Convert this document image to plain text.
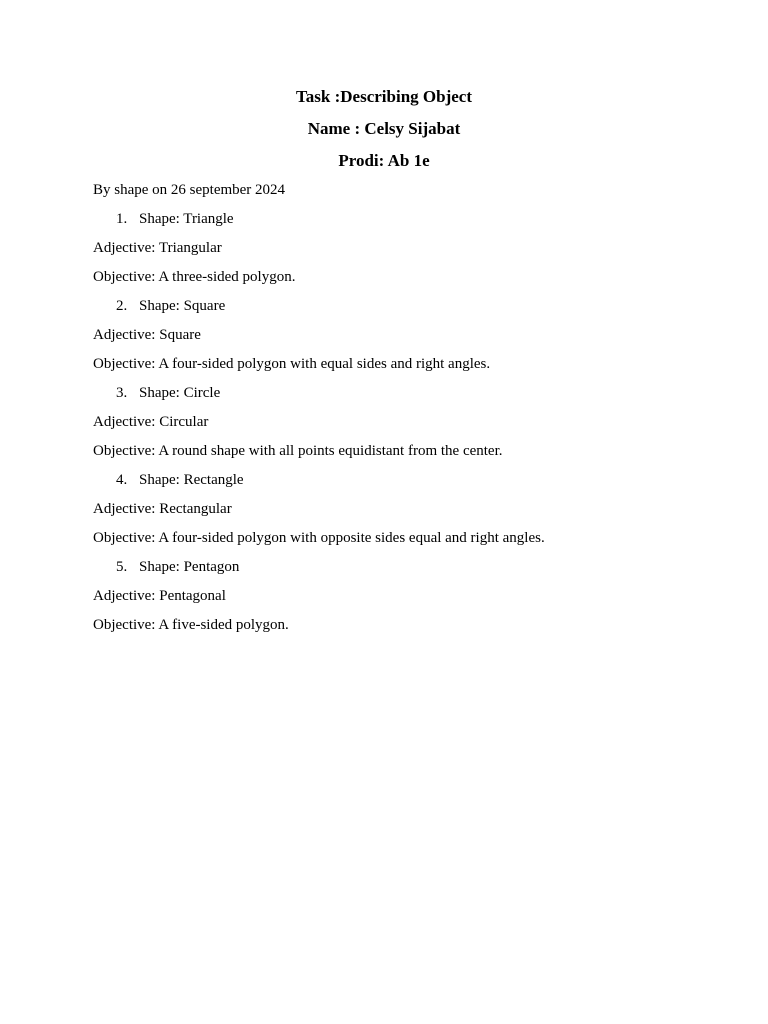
Task :Describing Object
Name : Celsy Sijabat
Prodi: Ab 1e

By shape on 26 september 2024

1. Shape: Triangle

Adjective: Triangular

Objective: A three-sided polygon.

2. Shape: Square

Adjective: Square

Objective: A four-sided polygon with equal sides and right angles.

3. Shape: Circle

Adjective: Circular

Objective: A round shape with all points equidistant from the center.

4. Shape: Rectangle

Adjective: Rectangular

Objective: A four-sided polygon with opposite sides equal and right angles.

5. Shape: Pentagon

Adjective: Pentagonal

Objective: A five-sided polygon.
